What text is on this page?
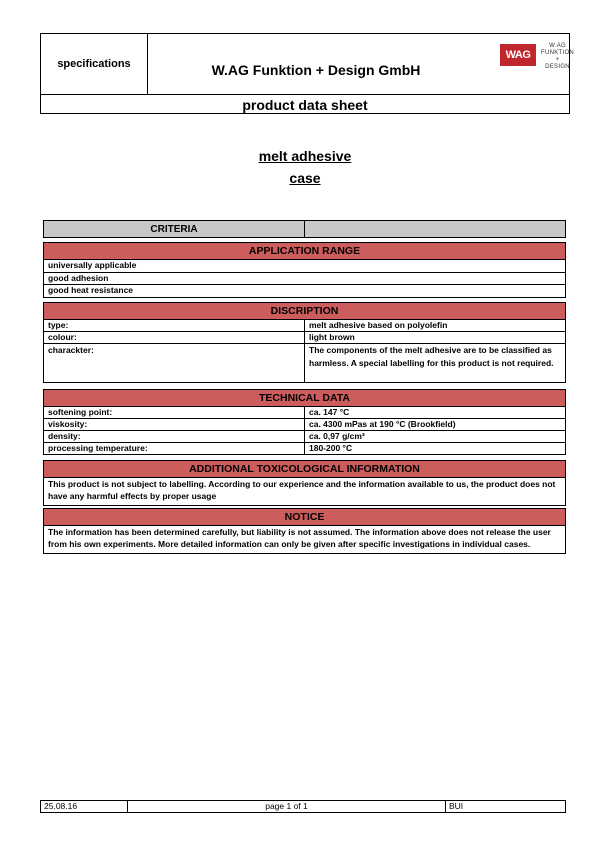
specifications	W.AG Funktion + Design GmbH
WAG
W.AG
FUNKTION +
DESIGN
product data sheet
melt adhesive
case
CRITERIA
APPLICATION RANGE
universally applicable
good adhesion
good heat resistance
DISCRIPTION
type:	melt adhesive based on polyolefin
colour:	light brown
charackter:	The components of the melt adhesive are to be classified as harmless. A special labelling for this product is not required.
TECHNICAL DATA
softening point:	ca. 147 °C
viskosity:	ca. 4300 mPas at 190 °C (Brookfield)
density:	ca. 0,97 g/cm³
processing temperature:	180-200 °C
ADDITIONAL TOXICOLOGICAL INFORMATION
This product is not subject to labelling. According to our experience and the information available to us, the product does not have any harmful effects by proper usage
NOTICE
The information has been determined carefully, but liability is not assumed. The information above does not release the user from his own experiments. More detailed information can only be given after specific investigations in individual cases.
25.08.16	page 1 of 1	BUI
